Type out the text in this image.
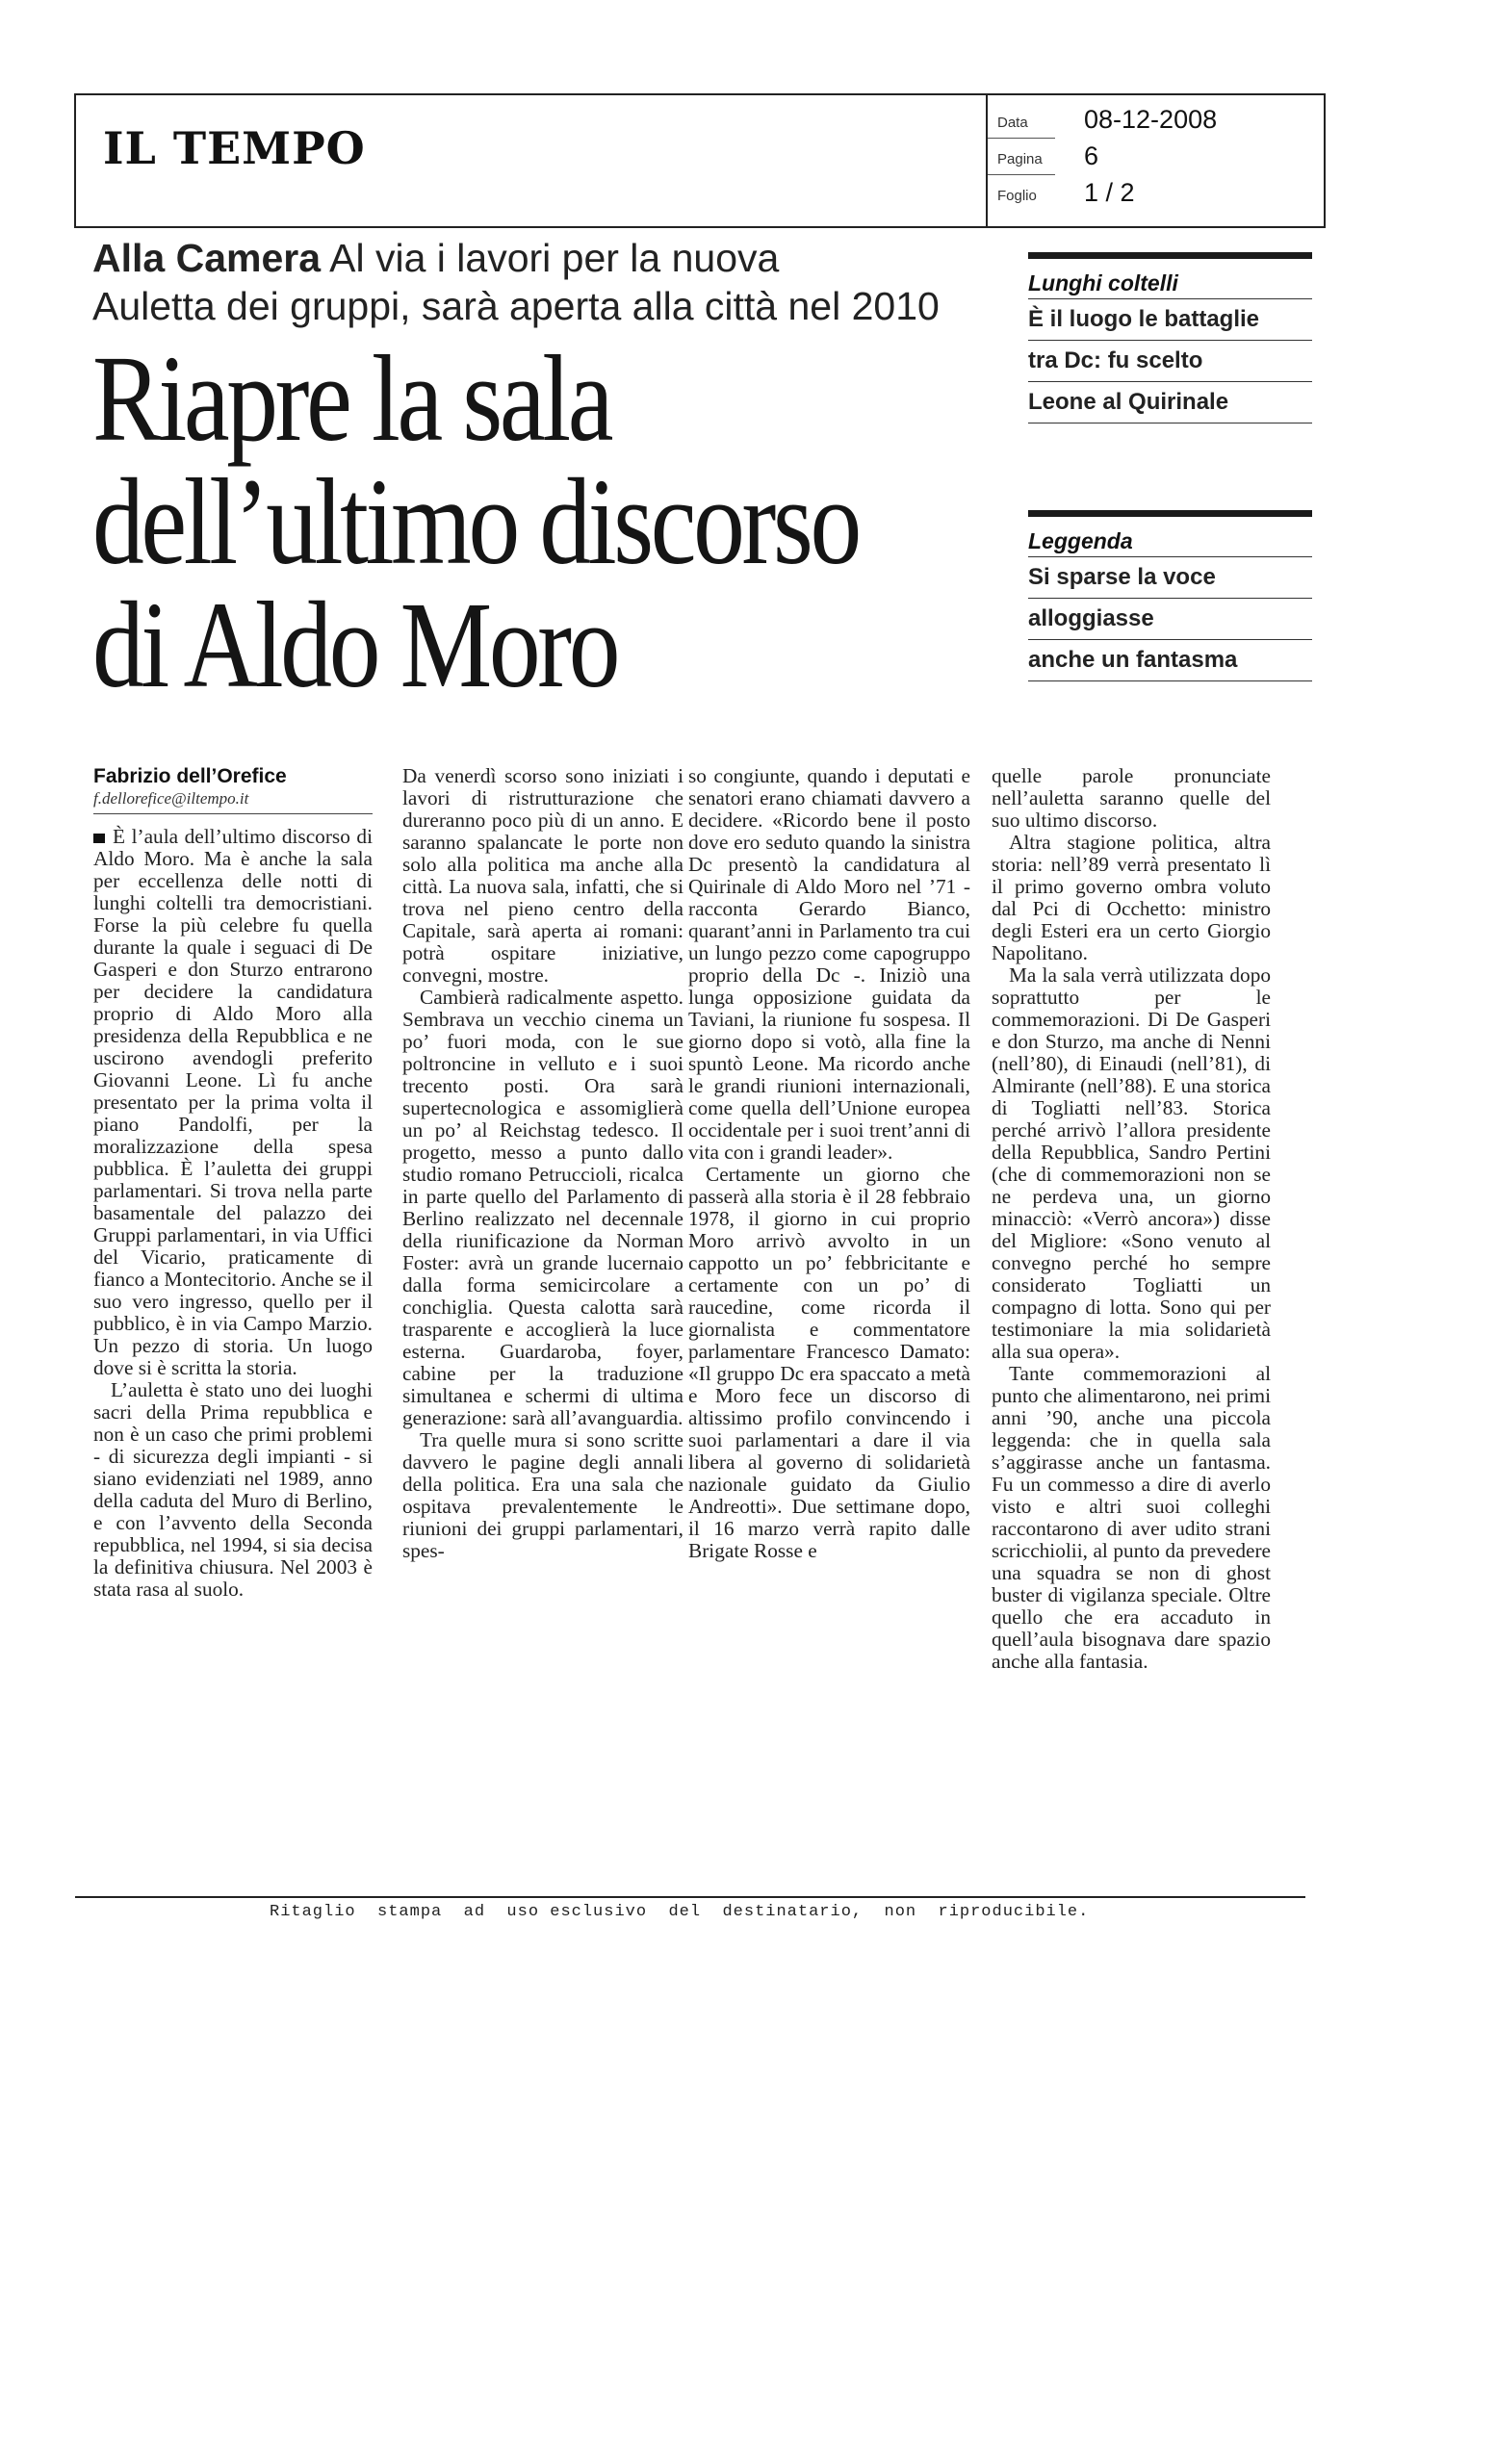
IL TEMPO	Data 08-12-2008
Pagina 6
Foglio 1 / 2
Alla Camera Al via i lavori per la nuova
Auletta dei gruppi, sarà aperta alla città nel 2010
Riapre la sala
dell’ultimo discorso
di Aldo Moro
Lunghi coltelli
È il luogo le battaglie
tra Dc: fu scelto
Leone al Quirinale
Leggenda
Si sparse la voce
alloggiasse
anche un fantasma
Fabrizio dell’Orefice
f.dellorefice@iltempo.it

È l’aula dell’ultimo discorso di Aldo Moro. Ma è anche la sala per eccellenza delle notti di lunghi coltelli tra democristiani. Forse la più celebre fu quella durante la quale i seguaci di De Gasperi e don Sturzo entrarono per decidere la candidatura proprio di Aldo Moro alla presidenza della Repubblica e ne uscirono avendogli preferito Giovanni Leone. Lì fu anche presentato per la prima volta il piano Pandolfi, per la moralizzazione della spesa pubblica. È l’auletta dei gruppi parlamentari. Si trova nella parte basamentale del palazzo dei Gruppi parlamentari, in via Uffici del Vicario, praticamente di fianco a Montecitorio. Anche se il suo vero ingresso, quello per il pubblico, è in via Campo Marzio. Un pezzo di storia. Un luogo dove si è scritta la storia.

L’auletta è stato uno dei luoghi sacri della Prima repubblica e non è un caso che primi problemi - di sicurezza degli impianti - si siano evidenziati nel 1989, anno della caduta del Muro di Berlino, e con l’avvento della Seconda repubblica, nel 1994, si sia decisa la definitiva chiusura. Nel 2003 è stata rasa al suolo.

Da venerdì scorso sono iniziati i lavori di ristrutturazione che dureranno poco più di un anno. E saranno spalancate le porte non solo alla politica ma anche alla città. La nuova sala, infatti, che si trova nel pieno centro della Capitale, sarà aperta ai romani: potrà ospitare iniziative, convegni, mostre.

Cambierà radicalmente aspetto. Sembrava un vecchio cinema un po’ fuori moda, con le sue poltroncine in velluto e i suoi trecento posti. Ora sarà supertecnologica e assomiglierà un po’ al Reichstag tedesco. Il progetto, messo a punto dallo studio romano Petruccioli, ricalca in parte quello del Parlamento di Berlino realizzato nel decennale della riunificazione da Norman Foster: avrà un grande lucernaio dalla forma semicircolare a conchiglia. Questa calotta sarà trasparente e accoglierà la luce esterna. Guardaroba, foyer, cabine per la traduzione simultanea e schermi di ultima generazione: sarà all’avanguardia.

Tra quelle mura si sono scritte davvero le pagine degli annali della politica. Era una sala che ospitava prevalentemente le riunioni dei gruppi parlamentari, spes-

so congiunte, quando i deputati e senatori erano chiamati davvero a decidere. «Ricordo bene il posto dove ero seduto quando la sinistra Dc presentò la candidatura al Quirinale di Aldo Moro nel ’71 - racconta Gerardo Bianco, quarant’anni in Parlamento tra cui un lungo pezzo come capogruppo proprio della Dc -. Iniziò una lunga opposizione guidata da Taviani, la riunione fu sospesa. Il giorno dopo si votò, alla fine la spuntò Leone. Ma ricordo anche le grandi riunioni internazionali, come quella dell’Unione europea occidentale per i suoi trent’anni di vita con i grandi leader».

Certamente un giorno che passerà alla storia è il 28 febbraio 1978, il giorno in cui proprio Moro arrivò avvolto in un cappotto un po’ febbricitante e certamente con un po’ di raucedine, come ricorda il giornalista e commentatore parlamentare Francesco Damato: «Il gruppo Dc era spaccato a metà e Moro fece un discorso di altissimo profilo convincendo i suoi parlamentari a dare il via libera al governo di solidarietà nazionale guidato da Giulio Andreotti». Due settimane dopo, il 16 marzo verrà rapito dalle Brigate Rosse e

quelle parole pronunciate nell’auletta saranno quelle del suo ultimo discorso.

Altra stagione politica, altra storia: nell’89 verrà presentato lì il primo governo ombra voluto dal Pci di Occhetto: ministro degli Esteri era un certo Giorgio Napolitano.

Ma la sala verrà utilizzata dopo soprattutto per le commemorazioni. Di De Gasperi e don Sturzo, ma anche di Nenni (nell’80), di Einaudi (nell’81), di Almirante (nell’88). E una storica di Togliatti nell’83. Storica perché arrivò l’allora presidente della Repubblica, Sandro Pertini (che di commemorazioni non se ne perdeva una, un giorno minacciò: «Verrò ancora») disse del Migliore: «Sono venuto al convegno perché ho sempre considerato Togliatti un compagno di lotta. Sono qui per testimoniare la mia solidarietà alla sua opera».

Tante commemorazioni al punto che alimentarono, nei primi anni ’90, anche una piccola leggenda: che in quella sala s’aggirasse anche un fantasma. Fu un commesso a dire di averlo visto e altri suoi colleghi raccontarono di aver udito strani scricchiolii, al punto da prevedere una squadra se non di ghost buster di vigilanza speciale. Oltre quello che era accaduto in quell’aula bisognava dare spazio anche alla fantasia.

Ritaglio  stampa  ad  uso esclusivo  del  destinatario,  non  riproducibile.
